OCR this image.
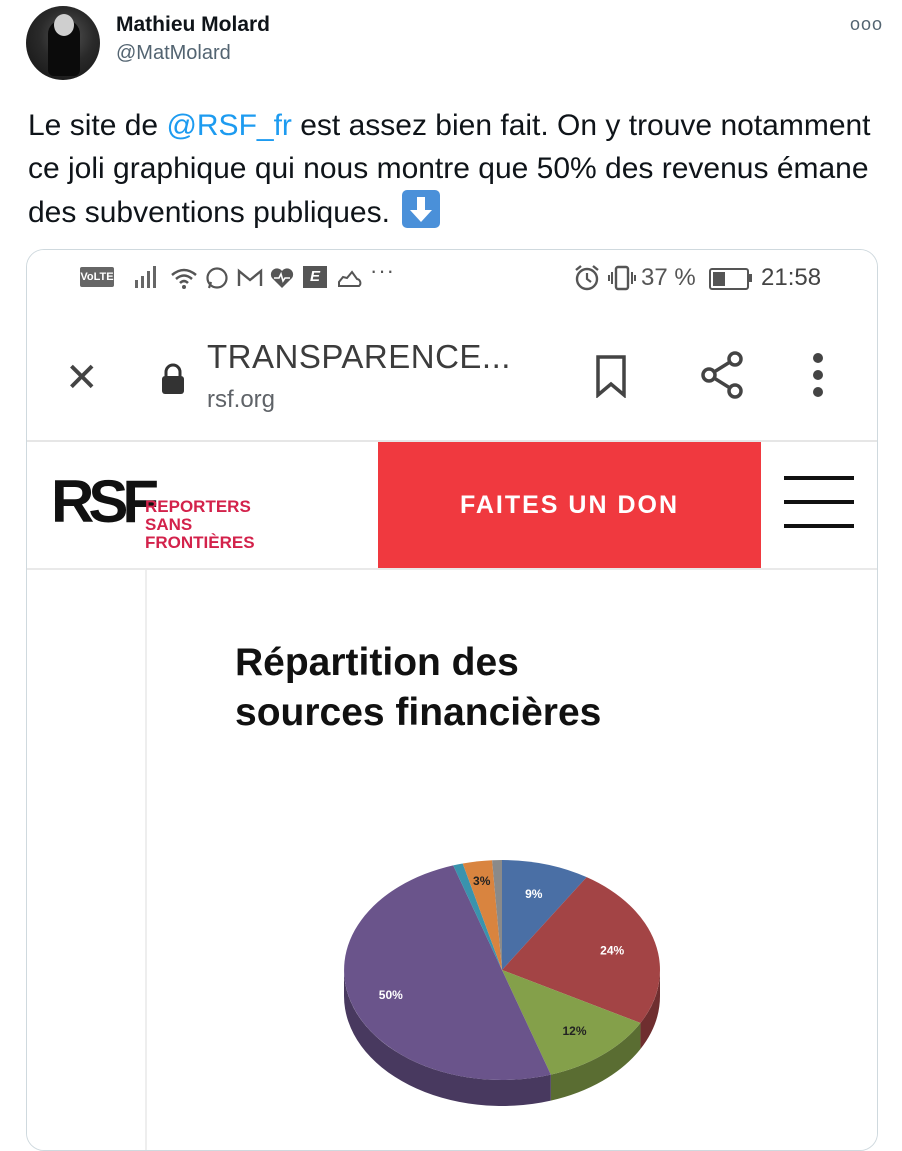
Mathieu Molard
@MatMolard
ooo
Le site de @RSF_fr est assez bien fait. On y trouve notamment ce joli graphique qui nous montre que 50% des revenus émane des subventions publiques.
VoLTE	E	···	37 %	21:58
✕	TRANSPARENCE...
rsf.org
RSF
REPORTERS
SANS FRONTIÈRES
FAITES UN DON
Répartition des
sources financières
9%
24%
12%
50%
3%
